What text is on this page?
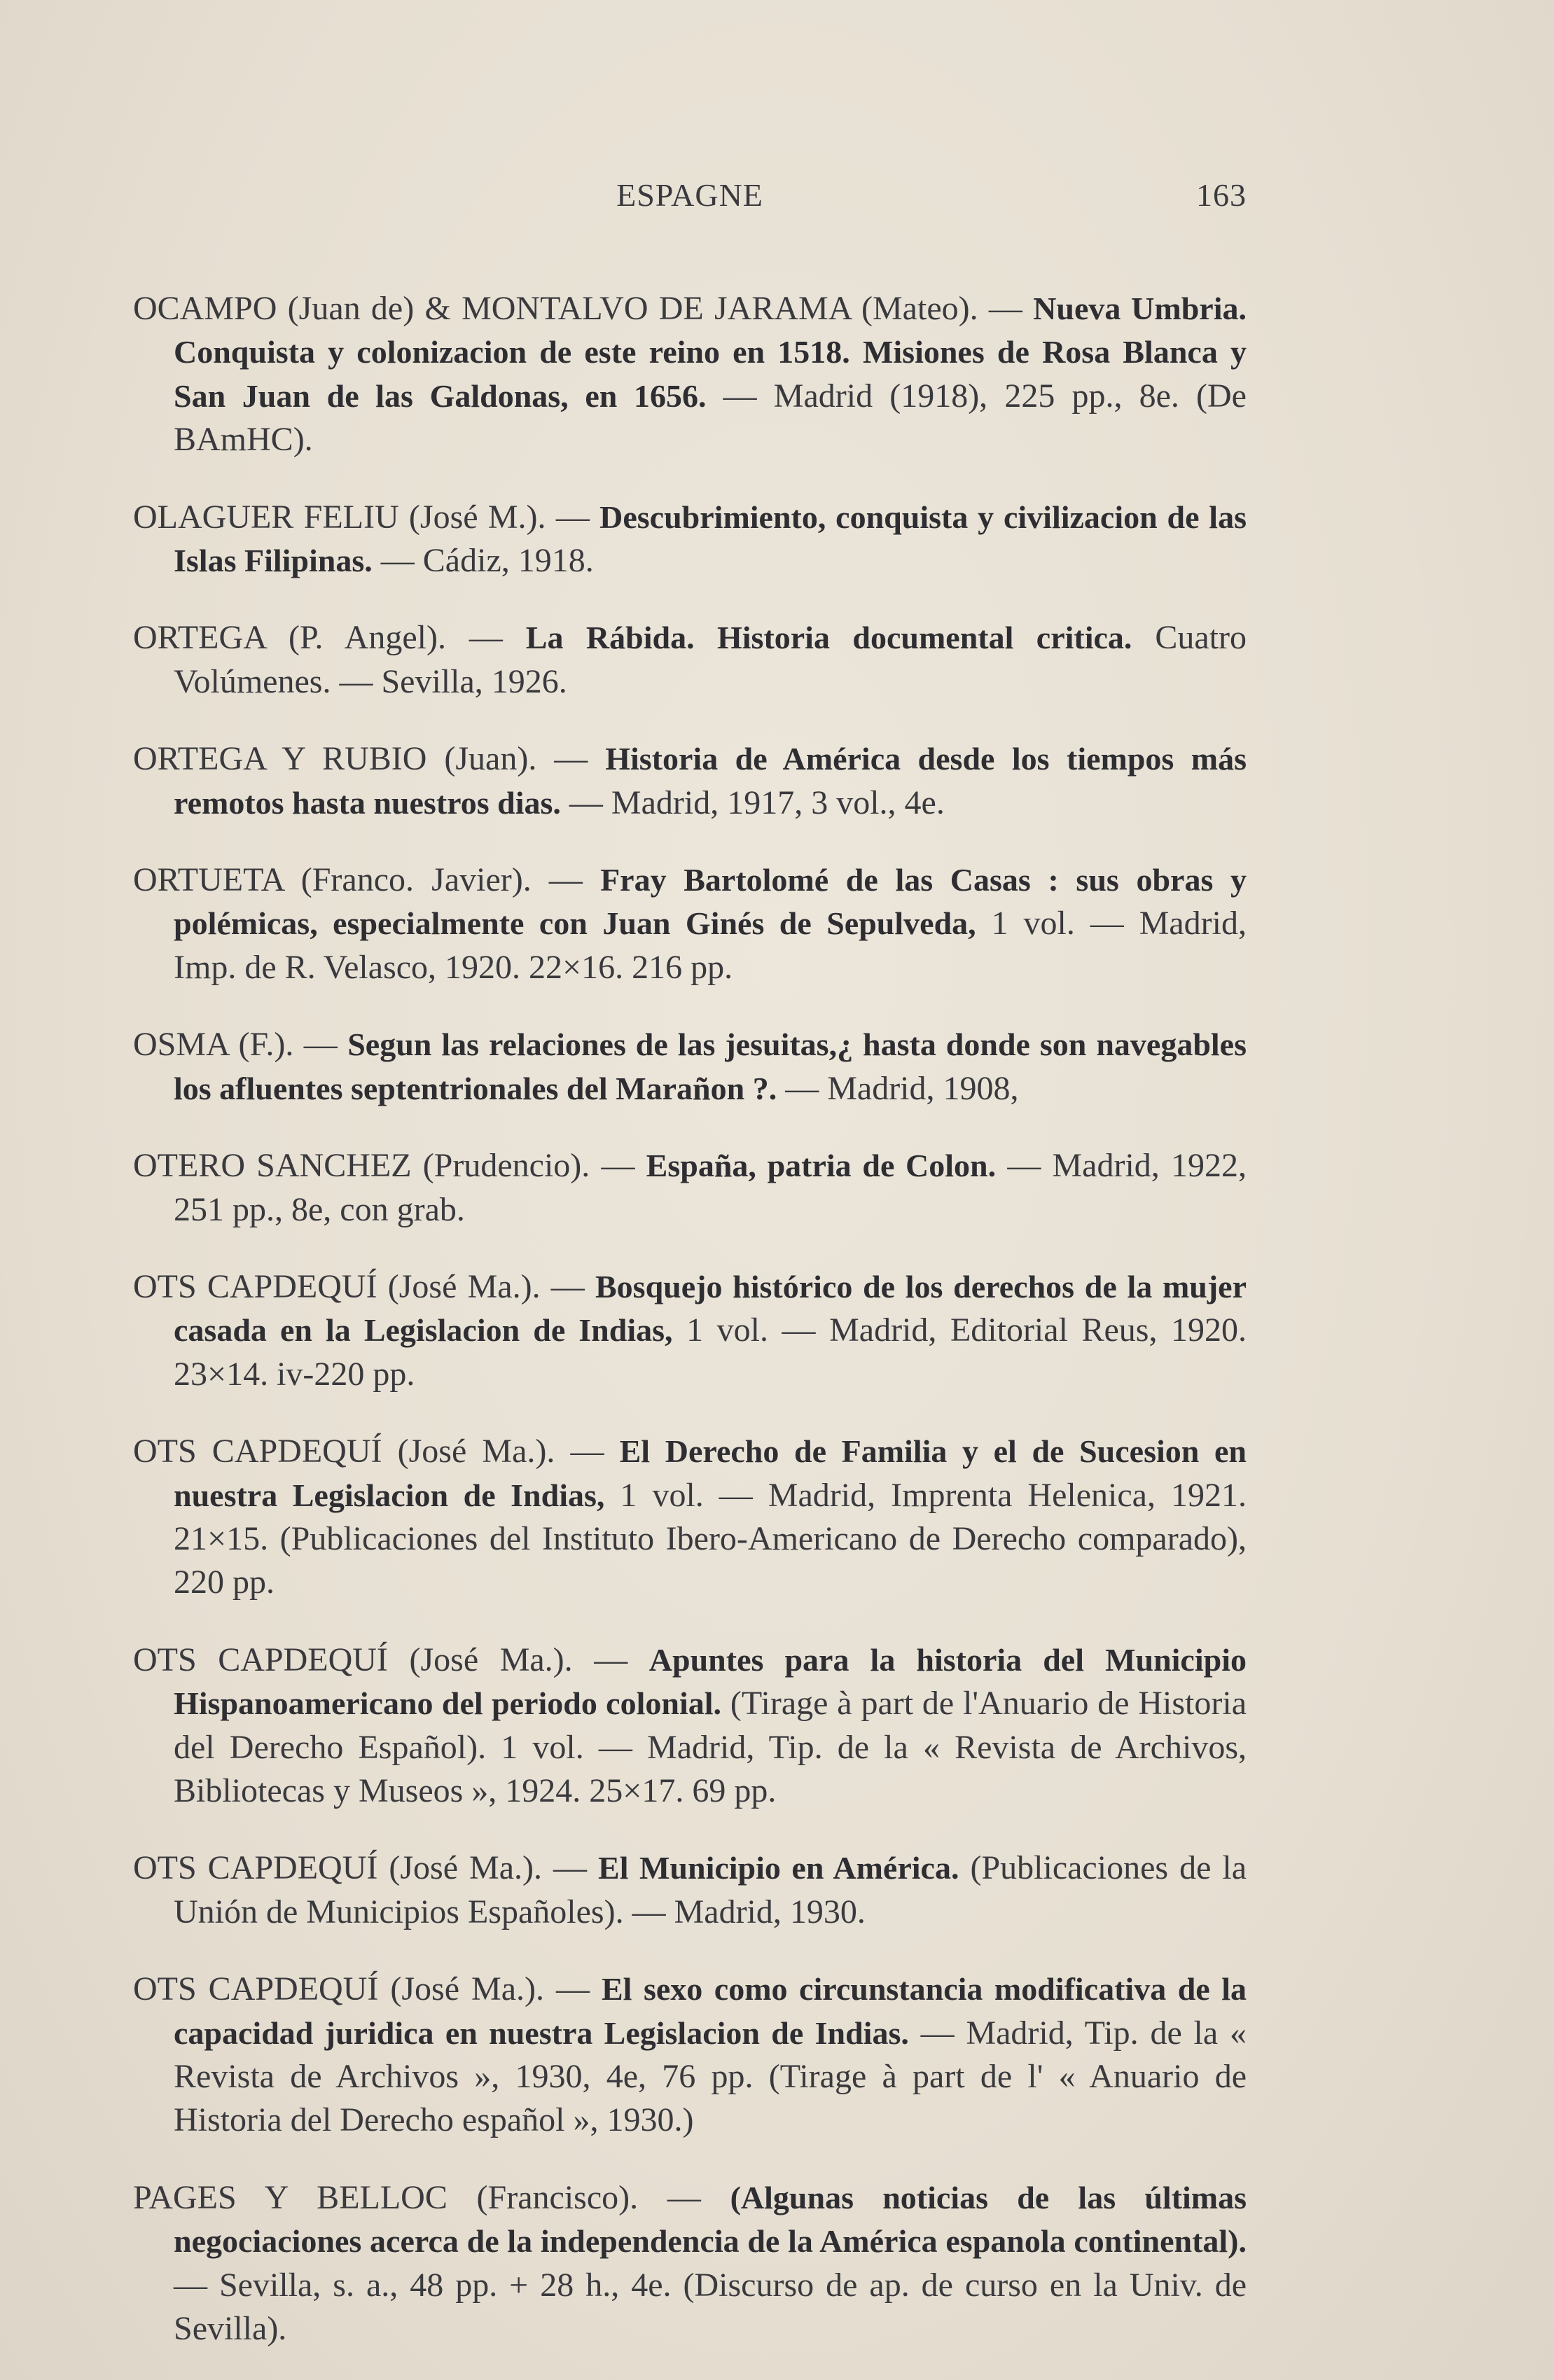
ESPAGNE	163

OCAMPO (Juan de) & MONTALVO DE JARAMA (Mateo). — Nueva Umbria. Conquista y colonizacion de este reino en 1518. Misiones de Rosa Blanca y San Juan de las Galdonas, en 1656. — Madrid (1918), 225 pp., 8e. (De BAmHC).

OLAGUER FELIU (José M.). — Descubrimiento, conquista y civilizacion de las Islas Filipinas. — Cádiz, 1918.

ORTEGA (P. Angel). — La Rábida. Historia documental critica. Cuatro Volúmenes. — Sevilla, 1926.

ORTEGA Y RUBIO (Juan). — Historia de América desde los tiempos más remotos hasta nuestros dias. — Madrid, 1917, 3 vol., 4e.

ORTUETA (Franco. Javier). — Fray Bartolomé de las Casas : sus obras y polémicas, especialmente con Juan Ginés de Sepulveda, 1 vol. — Madrid, Imp. de R. Velasco, 1920. 22×16. 216 pp.

OSMA (F.). — Segun las relaciones de las jesuitas,¿ hasta donde son navegables los afluentes septentrionales del Marañon ?. — Madrid, 1908,

OTERO SANCHEZ (Prudencio). — España, patria de Colon. — Madrid, 1922, 251 pp., 8e, con grab.

OTS CAPDEQUÍ (José Ma.). — Bosquejo histórico de los derechos de la mujer casada en la Legislacion de Indias, 1 vol. — Madrid, Editorial Reus, 1920. 23×14. iv-220 pp.

OTS CAPDEQUÍ (José Ma.). — El Derecho de Familia y el de Sucesion en nuestra Legislacion de Indias, 1 vol. — Madrid, Imprenta Helenica, 1921. 21×15. (Publicaciones del Instituto Ibero-Americano de Derecho comparado), 220 pp.

OTS CAPDEQUÍ (José Ma.). — Apuntes para la historia del Municipio Hispanoamericano del periodo colonial. (Tirage à part de l'Anuario de Historia del Derecho Español). 1 vol. — Madrid, Tip. de la « Revista de Archivos, Bibliotecas y Museos », 1924. 25×17. 69 pp.

OTS CAPDEQUÍ (José Ma.). — El Municipio en América. (Publicaciones de la Unión de Municipios Españoles). — Madrid, 1930.

OTS CAPDEQUÍ (José Ma.). — El sexo como circunstancia modificativa de la capacidad juridica en nuestra Legislacion de Indias. — Madrid, Tip. de la « Revista de Archivos », 1930, 4e, 76 pp. (Tirage à part de l' « Anuario de Historia del Derecho español », 1930.)

PAGES Y BELLOC (Francisco). — (Algunas noticias de las últimas negociaciones acerca de la independencia de la América espanola continental). — Sevilla, s. a., 48 pp. + 28 h., 4e. (Discurso de ap. de curso en la Univ. de Sevilla).
